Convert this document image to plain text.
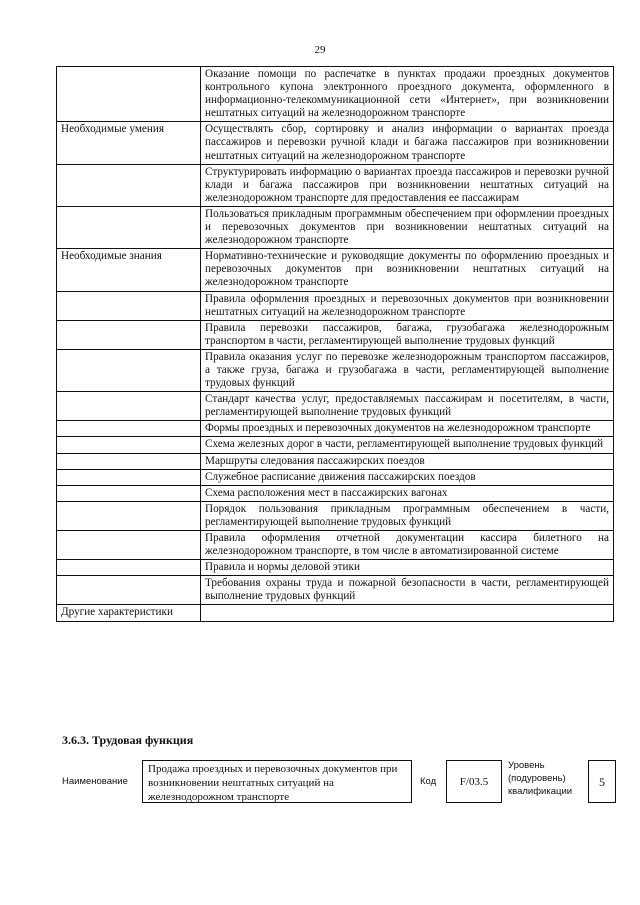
29
	Оказание помощи по распечатке в пунктах продажи проездных документов контрольного купона электронного проездного документа, оформленного в информационно-телекоммуникационной сети «Интернет», при возникновении нештатных ситуаций на железнодорожном транспорте
Необходимые умения	Осуществлять сбор, сортировку и анализ информации о вариантах проезда пассажиров и перевозки ручной клади и багажа пассажиров при возникновении нештатных ситуаций на железнодорожном транспорте
	Структурировать информацию о вариантах проезда пассажиров и перевозки ручной клади и багажа пассажиров при возникновении нештатных ситуаций на железнодорожном транспорте для предоставления ее пассажирам
	Пользоваться прикладным программным обеспечением при оформлении проездных и перевозочных документов при возникновении нештатных ситуаций на железнодорожном транспорте
Необходимые знания	Нормативно-технические и руководящие документы по оформлению проездных и перевозочных документов при возникновении нештатных ситуаций на железнодорожном транспорте
	Правила оформления проездных и перевозочных документов при возникновении нештатных ситуаций на железнодорожном транспорте
	Правила перевозки пассажиров, багажа, грузобагажа железнодорожным транспортом в части, регламентирующей выполнение трудовых функций
	Правила оказания услуг по перевозке железнодорожным транспортом пассажиров, а также груза, багажа и грузобагажа в части, регламентирующей выполнение трудовых функций
	Стандарт качества услуг, предоставляемых пассажирам и посетителям, в части, регламентирующей выполнение трудовых функций
	Формы проездных и перевозочных документов на железнодорожном транспорте
	Схема железных дорог в части, регламентирующей выполнение трудовых функций
	Маршруты следования пассажирских поездов
	Служебное расписание движения пассажирских поездов
	Схема расположения мест в пассажирских вагонах
	Порядок пользования прикладным программным обеспечением в части, регламентирующей выполнение трудовых функций
	Правила оформления отчетной документации кассира билетного на железнодорожном транспорте, в том числе в автоматизированной системе
	Правила и нормы деловой этики
	Требования охраны труда и пожарной безопасности в части, регламентирующей выполнение трудовых функций
Другие характеристики	
3.6.3. Трудовая функция
Наименование
Продажа проездных и перевозочных документов при возникновении нештатных ситуаций на железнодорожном транспорте
Код	F/03.5
Уровень
(подуровень)
квалификации
5
